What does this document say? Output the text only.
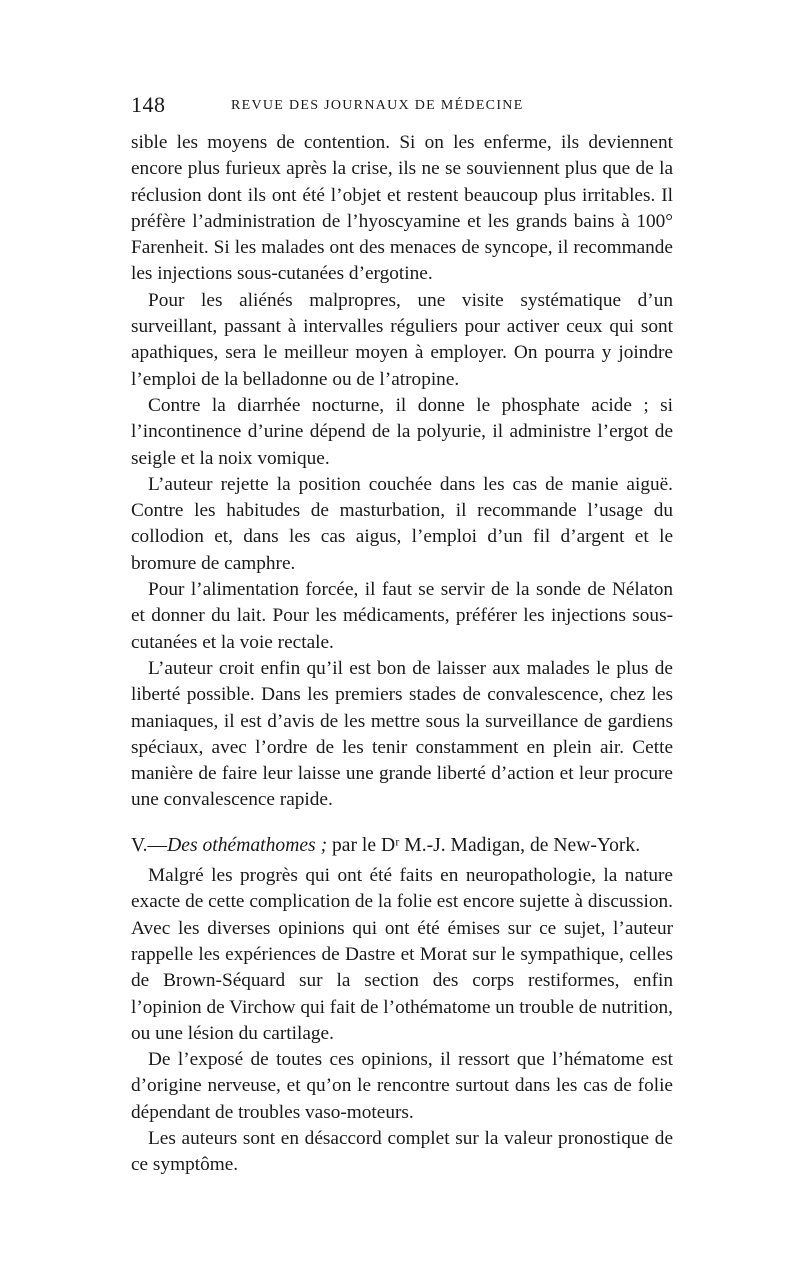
148	REVUE DES JOURNAUX DE MÉDECINE

sible les moyens de contention. Si on les enferme, ils deviennent encore plus furieux après la crise, ils ne se souviennent plus que de la réclusion dont ils ont été l’objet et restent beaucoup plus irritables. Il préfère l’administration de l’hyoscyamine et les grands bains à 100° Farenheit. Si les malades ont des menaces de syncope, il recommande les injections sous-cutanées d’ergotine.

Pour les aliénés malpropres, une visite systématique d’un surveillant, passant à intervalles réguliers pour activer ceux qui sont apathiques, sera le meilleur moyen à employer. On pourra y joindre l’emploi de la belladonne ou de l’atropine.

Contre la diarrhée nocturne, il donne le phosphate acide ; si l’incontinence d’urine dépend de la polyurie, il administre l’ergot de seigle et la noix vomique.

L’auteur rejette la position couchée dans les cas de manie aiguë. Contre les habitudes de masturbation, il recommande l’usage du collodion et, dans les cas aigus, l’emploi d’un fil d’argent et le bromure de camphre.

Pour l’alimentation forcée, il faut se servir de la sonde de Nélaton et donner du lait. Pour les médicaments, préférer les injections sous-cutanées et la voie rectale.

L’auteur croit enfin qu’il est bon de laisser aux malades le plus de liberté possible. Dans les premiers stades de convalescence, chez les maniaques, il est d’avis de les mettre sous la surveillance de gardiens spéciaux, avec l’ordre de les tenir constamment en plein air. Cette manière de faire leur laisse une grande liberté d’action et leur procure une convalescence rapide.

V.—Des othémathomes ; par le Dʳ M.-J. Madigan, de New-York.

Malgré les progrès qui ont été faits en neuropathologie, la nature exacte de cette complication de la folie est encore sujette à discussion. Avec les diverses opinions qui ont été émises sur ce sujet, l’auteur rappelle les expériences de Dastre et Morat sur le sympathique, celles de Brown-Séquard sur la section des corps restiformes, enfin l’opinion de Virchow qui fait de l’othématome un trouble de nutrition, ou une lésion du cartilage.

De l’exposé de toutes ces opinions, il ressort que l’hématome est d’origine nerveuse, et qu’on le rencontre surtout dans les cas de folie dépendant de troubles vaso-moteurs.

Les auteurs sont en désaccord complet sur la valeur pronostique de ce symptôme.
